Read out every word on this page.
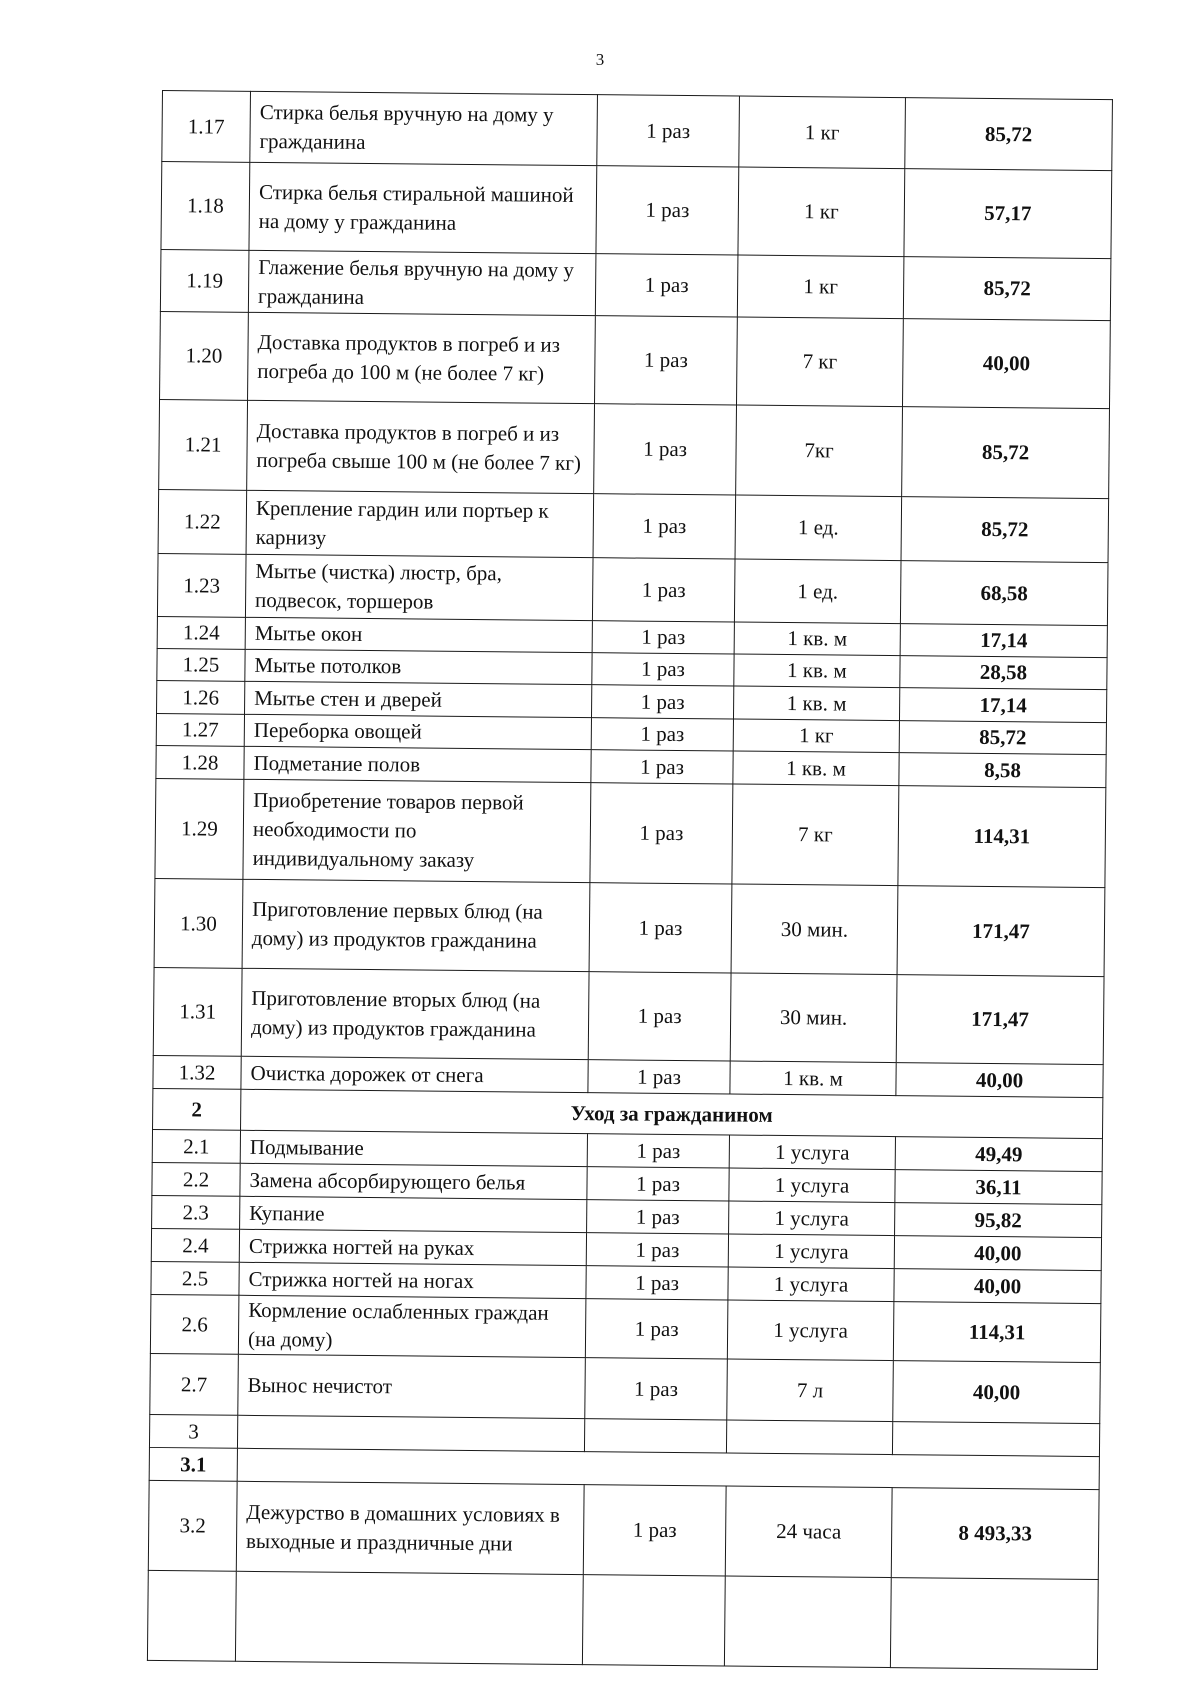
3
1.17	Стирка белья вручную на дому у гражданина	1 раз	1 кг	85,72
1.18	Стирка белья стиральной машиной на дому у гражданина	1 раз	1 кг	57,17
1.19	Глажение белья вручную на дому у гражданина	1 раз	1 кг	85,72
1.20	Доставка продуктов в погреб и из погреба до 100 м (не более 7 кг)	1 раз	7 кг	40,00
1.21	Доставка продуктов в погреб и из погреба свыше 100 м (не более 7 кг)	1 раз	7кг	85,72
1.22	Крепление гардин или портьер к карнизу	1 раз	1 ед.	85,72
1.23	Мытье (чистка) люстр, бра, подвесок, торшеров	1 раз	1 ед.	68,58
1.24	Мытье окон	1 раз	1 кв. м	17,14
1.25	Мытье потолков	1 раз	1 кв. м	28,58
1.26	Мытье стен и дверей	1 раз	1 кв. м	17,14
1.27	Переборка овощей	1 раз	1 кг	85,72
1.28	Подметание полов	1 раз	1 кв. м	8,58
1.29	Приобретение товаров первой необходимости по индивидуальному заказу	1 раз	7 кг	114,31
1.30	Приготовление первых блюд (на дому) из продуктов гражданина	1 раз	30 мин.	171,47
1.31	Приготовление вторых блюд (на дому) из продуктов гражданина	1 раз	30 мин.	171,47
1.32	Очистка дорожек от снега	1 раз	1 кв. м	40,00
2	Уход за гражданином			
2.1	Подмывание	1 раз	1 услуга	49,49
2.2	Замена абсорбирующего белья	1 раз	1 услуга	36,11
2.3	Купание	1 раз	1 услуга	95,82
2.4	Стрижка ногтей на руках	1 раз	1 услуга	40,00
2.5	Стрижка ногтей на ногах	1 раз	1 услуга	40,00
2.6	Кормление ослабленных граждан (на дому)	1 раз	1 услуга	114,31
2.7	Вынос нечистот	1 раз	7 л	40,00
3				
3.1				
3.2	Дежурство в домашних условиях в выходные и праздничные дни	1 раз	24 часа	8 493,33
